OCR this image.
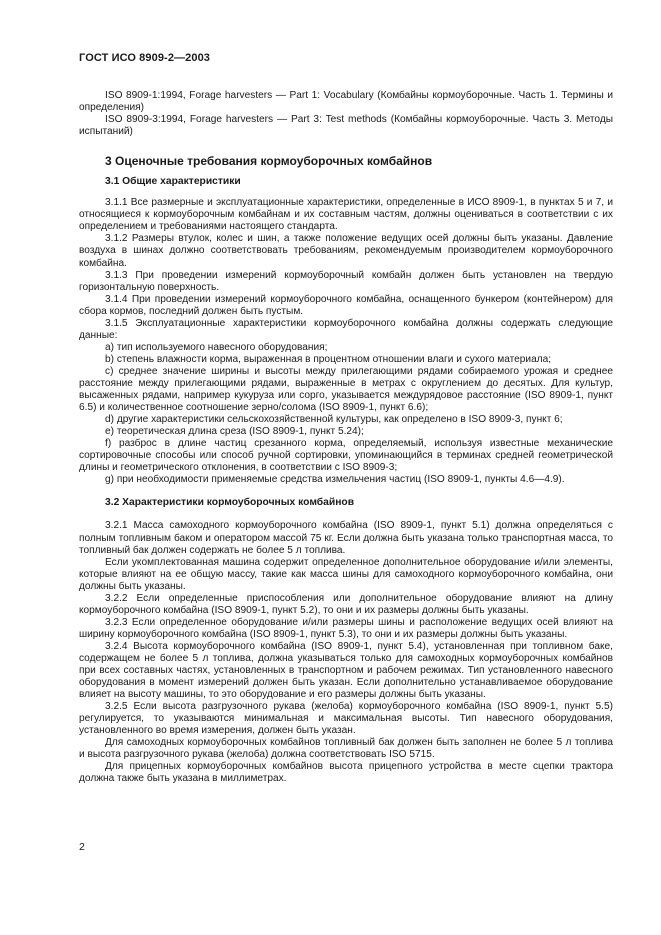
ГОСТ ИСО 8909-2—2003

ISO 8909-1:1994, Forage harvesters — Part 1: Vocabulary (Комбайны кормоуборочные. Часть 1. Термины и определения)

ISO 8909-3:1994, Forage harvesters — Part 3: Test methods (Комбайны кормоуборочные. Часть 3. Методы испытаний)

3 Оценочные требования кормоуборочных комбайнов

3.1 Общие характеристики

3.1.1 Все размерные и эксплуатационные характеристики, определенные в ИСО 8909-1, в пунктах 5 и 7, и относящиеся к кормоуборочным комбайнам и их составным частям, должны оцениваться в соответствии с их определением и требованиями настоящего стандарта.

3.1.2 Размеры втулок, колес и шин, а также положение ведущих осей должны быть указаны. Давление воздуха в шинах должно соответствовать требованиям, рекомендуемым производителем кормоуборочного комбайна.

3.1.3 При проведении измерений кормоуборочный комбайн должен быть установлен на твердую горизонтальную поверхность.

3.1.4 При проведении измерений кормоуборочного комбайна, оснащенного бункером (контейнером) для сбора кормов, последний должен быть пустым.

3.1.5 Эксплуатационные характеристики кормоуборочного комбайна должны содержать следующие данные:

a) тип используемого навесного оборудования;

b) степень влажности корма, выраженная в процентном отношении влаги и сухого материала;

c) среднее значение ширины и высоты между прилегающими рядами собираемого урожая и среднее расстояние между прилегающими рядами, выраженные в метрах с округлением до десятых. Для культур, высаженных рядами, например кукуруза или сорго, указывается междурядовое расстояние (ISO 8909-1, пункт 6.5) и количественное соотношение зерно/солома (ISO 8909-1, пункт 6.6);

d) другие характеристики сельскохозяйственной культуры, как определено в ISO 8909-3, пункт 6;

e) теоретическая длина среза (ISO 8909-1, пункт 5.24);

f) разброс в длине частиц срезанного корма, определяемый, используя известные механические сортировочные способы или способ ручной сортировки, упоминающийся в терминах средней геометрической длины и геометрического отклонения, в соответствии с ISO 8909-3;

g) при необходимости применяемые средства измельчения частиц (ISO 8909-1, пункты 4.6—4.9).

3.2 Характеристики кормоуборочных комбайнов

3.2.1 Масса самоходного кормоуборочного комбайна (ISO 8909-1, пункт 5.1) должна определяться с полным топливным баком и оператором массой 75 кг. Если должна быть указана только транспортная масса, то топливный бак должен содержать не более 5 л топлива.

Если укомплектованная машина содержит определенное дополнительное оборудование и/или элементы, которые влияют на ее общую массу, такие как масса шины для самоходного кормоуборочного комбайна, они должны быть указаны.

3.2.2 Если определенные приспособления или дополнительное оборудование влияют на длину кормоуборочного комбайна (ISO 8909-1, пункт 5.2), то они и их размеры должны быть указаны.

3.2.3 Если определенное оборудование и/или размеры шины и расположение ведущих осей влияют на ширину кормоуборочного комбайна (ISO 8909-1, пункт 5.3), то они и их размеры должны быть указаны.

3.2.4 Высота кормоуборочного комбайна (ISO 8909-1, пункт 5.4), установленная при топливном баке, содержащем не более 5 л топлива, должна указываться только для самоходных кормоуборочных комбайнов при всех составных частях, установленных в транспортном и рабочем режимах. Тип установленного навесного оборудования в момент измерений должен быть указан. Если дополнительно устанавливаемое оборудование влияет на высоту машины, то это оборудование и его размеры должны быть указаны.

3.2.5 Если высота разгрузочного рукава (желоба) кормоуборочного комбайна (ISO 8909-1, пункт 5.5) регулируется, то указываются минимальная и максимальная высоты. Тип навесного оборудования, установленного во время измерения, должен быть указан.

Для самоходных кормоуборочных комбайнов топливный бак должен быть заполнен не более 5 л топлива и высота разгрузочного рукава (желоба) должна соответствовать ISO 5715.

Для прицепных кормоуборочных комбайнов высота прицепного устройства в месте сцепки трактора должна также быть указана в миллиметрах.

2
